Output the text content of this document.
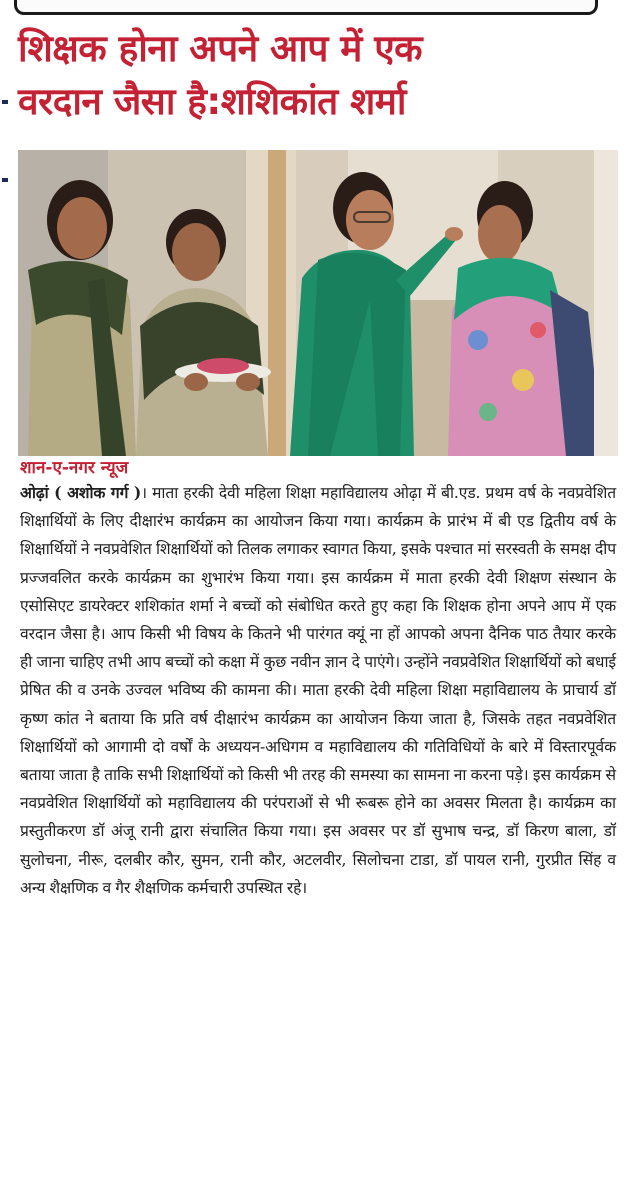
शिक्षक होना अपने आप में एक
वरदान जैसा है:शशिकांत शर्मा
शान-ए-नगर न्यूज
ओढ़ां ( अशोक गर्ग )। माता हरकी देवी महिला शिक्षा महाविद्यालय ओढ़ा में बी.एड. प्रथम वर्ष के नवप्रवेशित शिक्षार्थियों के लिए दीक्षारंभ कार्यक्रम का आयोजन किया गया। कार्यक्रम के प्रारंभ में बी एड द्वितीय वर्ष के शिक्षार्थियों ने नवप्रवेशित शिक्षार्थियों को तिलक लगाकर स्वागत किया, इसके पश्चात मां सरस्वती के समक्ष दीप प्रज्जवलित करके कार्यक्रम का शुभारंभ किया गया। इस कार्यक्रम में माता हरकी देवी शिक्षण संस्थान के एसोसिएट डायरेक्टर शशिकांत शर्मा ने बच्चों को संबोधित करते हुए कहा कि शिक्षक होना अपने आप में एक वरदान जैसा है। आप किसी भी विषय के कितने भी पारंगत क्यूं ना हों आपको अपना दैनिक पाठ तैयार करके ही जाना चाहिए तभी आप बच्चों को कक्षा में कुछ नवीन ज्ञान दे पाएंगे। उन्होंने नवप्रवेशित शिक्षार्थियों को बधाई प्रेषित की व उनके उज्वल भविष्य की कामना की। माता हरकी देवी महिला शिक्षा महाविद्यालय के प्राचार्य डॉ कृष्ण कांत ने बताया कि प्रति वर्ष दीक्षारंभ कार्यक्रम का आयोजन किया जाता है, जिसके तहत नवप्रवेशित शिक्षार्थियों को आगामी दो वर्षों के अध्ययन-अधिगम व महाविद्यालय की गतिविधियों के बारे में विस्तारपूर्वक बताया जाता है ताकि सभी शिक्षार्थियों को किसी भी तरह की समस्या का सामना ना करना पड़े। इस कार्यक्रम से नवप्रवेशित शिक्षार्थियों को महाविद्यालय की परंपराओं से भी रूबरू होने का अवसर मिलता है। कार्यक्रम का प्रस्तुतीकरण डॉ अंजू रानी द्वारा संचालित किया गया। इस अवसर पर डॉ सुभाष चन्द्र, डॉ किरण बाला, डॉ सुलोचना, नीरू, दलबीर कौर, सुमन, रानी कौर, अटलवीर, सिलोचना टाडा, डॉ पायल रानी, गुरप्रीत सिंह व अन्य शैक्षणिक व गैर शैक्षणिक कर्मचारी उपस्थित रहे।
